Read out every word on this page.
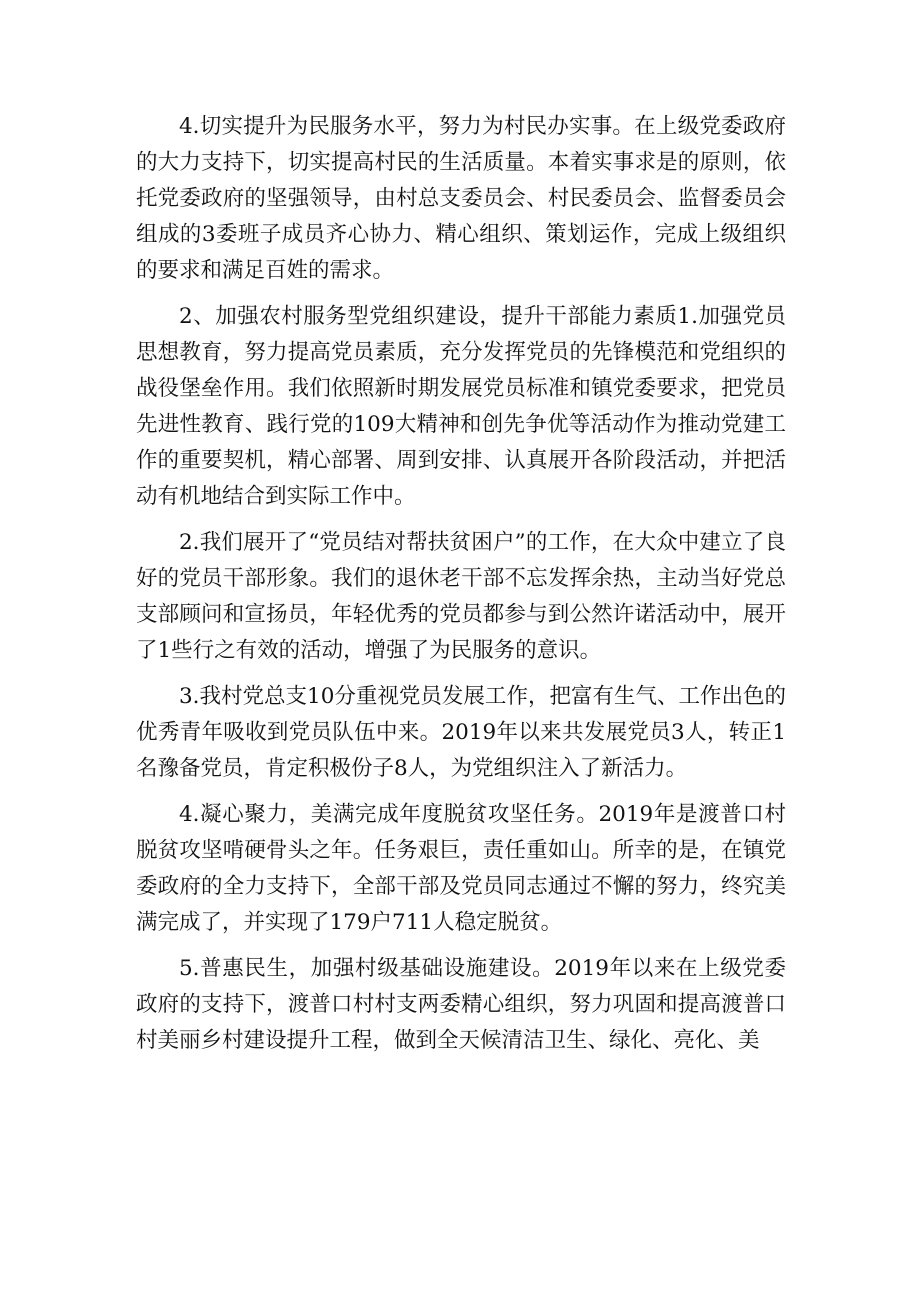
4.切实提升为民服务水平，努力为村民办实事。在上级党委政府的大力支持下，切实提高村民的生活质量。本着实事求是的原则，依托党委政府的坚强领导，由村总支委员会、村民委员会、监督委员会组成的3委班子成员齐心协力、精心组织、策划运作，完成上级组织的要求和满足百姓的需求。

2、加强农村服务型党组织建设，提升干部能力素质1.加强党员思想教育，努力提高党员素质，充分发挥党员的先锋模范和党组织的战役堡垒作用。我们依照新时期发展党员标准和镇党委要求，把党员先进性教育、践行党的109大精神和创先争优等活动作为推动党建工作的重要契机，精心部署、周到安排、认真展开各阶段活动，并把活动有机地结合到实际工作中。

2.我们展开了“党员结对帮扶贫困户”的工作，在大众中建立了良好的党员干部形象。我们的退休老干部不忘发挥余热，主动当好党总支部顾问和宣扬员，年轻优秀的党员都参与到公然许诺活动中，展开了1些行之有效的活动，增强了为民服务的意识。

3.我村党总支10分重视党员发展工作，把富有生气、工作出色的优秀青年吸收到党员队伍中来。2019年以来共发展党员3人，转正1名豫备党员，肯定积极份子8人，为党组织注入了新活力。

4.凝心聚力，美满完成年度脱贫攻坚任务。2019年是渡普口村脱贫攻坚啃硬骨头之年。任务艰巨，责任重如山。所幸的是，在镇党委政府的全力支持下，全部干部及党员同志通过不懈的努力，终究美满完成了，并实现了179户711人稳定脱贫。

5.普惠民生，加强村级基础设施建设。2019年以来在上级党委政府的支持下，渡普口村村支两委精心组织，努力巩固和提高渡普口村美丽乡村建设提升工程，做到全天候清洁卫生、绿化、亮化、美
